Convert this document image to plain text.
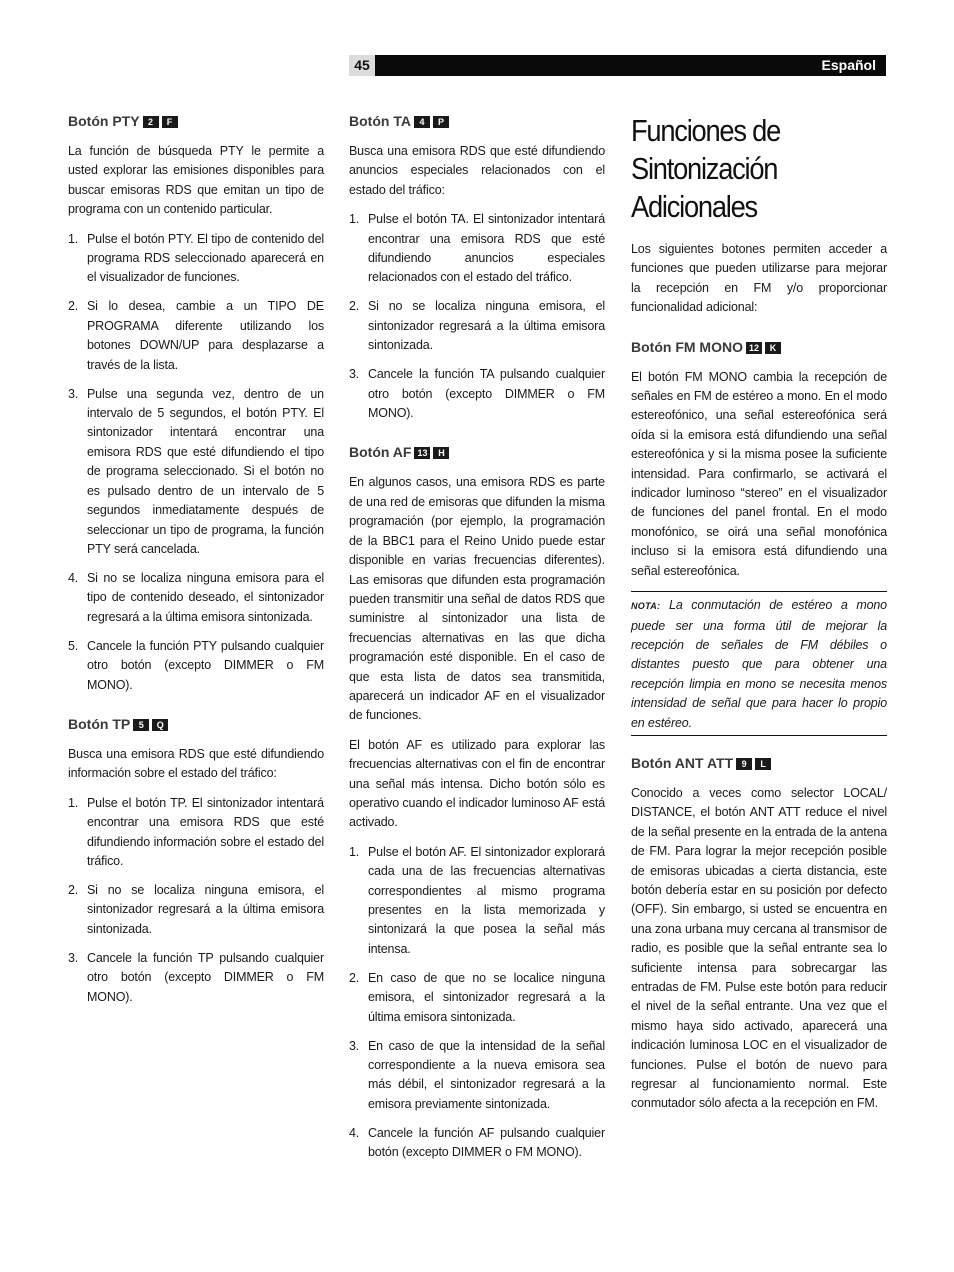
45	Español
Botón PTY 2 F

La función de búsqueda PTY le permite a usted explorar las emisiones disponibles para buscar emisoras RDS que emitan un tipo de programa con un contenido particular.

1. Pulse el botón PTY. El tipo de contenido del programa RDS seleccionado aparecerá en el visualizador de funciones.
2. Si lo desea, cambie a un TIPO DE PROGRAMA diferente utilizando los botones DOWN/UP para desplazarse a través de la lista.
3. Pulse una segunda vez, dentro de un intervalo de 5 segundos, el botón PTY. El sintonizador intentará encontrar una emisora RDS que esté difundiendo el tipo de programa seleccionado. Si el botón no es pulsado dentro de un intervalo de 5 segundos inmediatamente después de seleccionar un tipo de programa, la función PTY será cancelada.
4. Si no se localiza ninguna emisora para el tipo de contenido deseado, el sintonizador regresará a la última emisora sintonizada.
5. Cancele la función PTY pulsando cualquier otro botón (excepto DIMMER o FM MONO).
Botón TP 5 Q

Busca una emisora RDS que esté difundiendo información sobre el estado del tráfico:

1. Pulse el botón TP. El sintonizador intentará encontrar una emisora RDS que esté difundiendo información sobre el estado del tráfico.
2. Si no se localiza ninguna emisora, el sintonizador regresará a la última emisora sintonizada.
3. Cancele la función TP pulsando cualquier otro botón (excepto DIMMER o FM MONO).
Botón TA 4 P

Busca una emisora RDS que esté difundiendo anuncios especiales relacionados con el estado del tráfico:

1. Pulse el botón TA. El sintonizador intentará encontrar una emisora RDS que esté difundiendo anuncios especiales relacionados con el estado del tráfico.
2. Si no se localiza ninguna emisora, el sintonizador regresará a la última emisora sintonizada.
3. Cancele la función TA pulsando cualquier otro botón (excepto DIMMER o FM MONO).
Botón AF 13 H

En algunos casos, una emisora RDS es parte de una red de emisoras que difunden la misma programación (por ejemplo, la programación de la BBC1 para el Reino Unido puede estar disponible en varias frecuencias diferentes). Las emisoras que difunden esta programación pueden transmitir una señal de datos RDS que suministre al sintonizador una lista de frecuencias alternativas en las que dicha programación esté disponible. En el caso de que esta lista de datos sea transmitida, aparecerá un indicador AF en el visualizador de funciones.

El botón AF es utilizado para explorar las frecuencias alternativas con el fin de encontrar una señal más intensa. Dicho botón sólo es operativo cuando el indicador luminoso AF está activado.

1. Pulse el botón AF. El sintonizador explorará cada una de las frecuencias alternativas correspondientes al mismo programa presentes en la lista memorizada y sintonizará la que posea la señal más intensa.
2. En caso de que no se localice ninguna emisora, el sintonizador regresará a la última emisora sintonizada.
3. En caso de que la intensidad de la señal correspondiente a la nueva emisora sea más débil, el sintonizador regresará a la emisora previamente sintonizada.
4. Cancele la función AF pulsando cualquier botón (excepto DIMMER o FM MONO).
Funciones de Sintonización Adicionales

Los siguientes botones permiten acceder a funciones que pueden utilizarse para mejorar la recepción en FM y/o proporcionar funcionalidad adicional:

Botón FM MONO 12 K

El botón FM MONO cambia la recepción de señales en FM de estéreo a mono. En el modo estereofónico, una señal estereofónica será oída si la emisora está difundiendo una señal estereofónica y si la misma posee la suficiente intensidad. Para confirmarlo, se activará el indicador luminoso “stereo” en el visualizador de funciones del panel frontal. En el modo monofónico, se oirá una señal monofónica incluso si la emisora está difundiendo una señal estereofónica.

NOTA: La conmutación de estéreo a mono puede ser una forma útil de mejorar la recepción de señales de FM débiles o distantes puesto que para obtener una recepción limpia en mono se necesita menos intensidad de señal que para hacer lo propio en estéreo.

Botón ANT ATT 9 L

Conocido a veces como selector LOCAL/ DISTANCE, el botón ANT ATT reduce el nivel de la señal presente en la entrada de la antena de FM. Para lograr la mejor recepción posible de emisoras ubicadas a cierta distancia, este botón debería estar en su posición por defecto (OFF). Sin embargo, si usted se encuentra en una zona urbana muy cercana al transmisor de radio, es posible que la señal entrante sea lo suficiente intensa para sobrecargar las entradas de FM. Pulse este botón para reducir el nivel de la señal entrante. Una vez que el mismo haya sido activado, aparecerá una indicación luminosa LOC en el visualizador de funciones. Pulse el botón de nuevo para regresar al funcionamiento normal. Este conmutador sólo afecta a la recepción en FM.
